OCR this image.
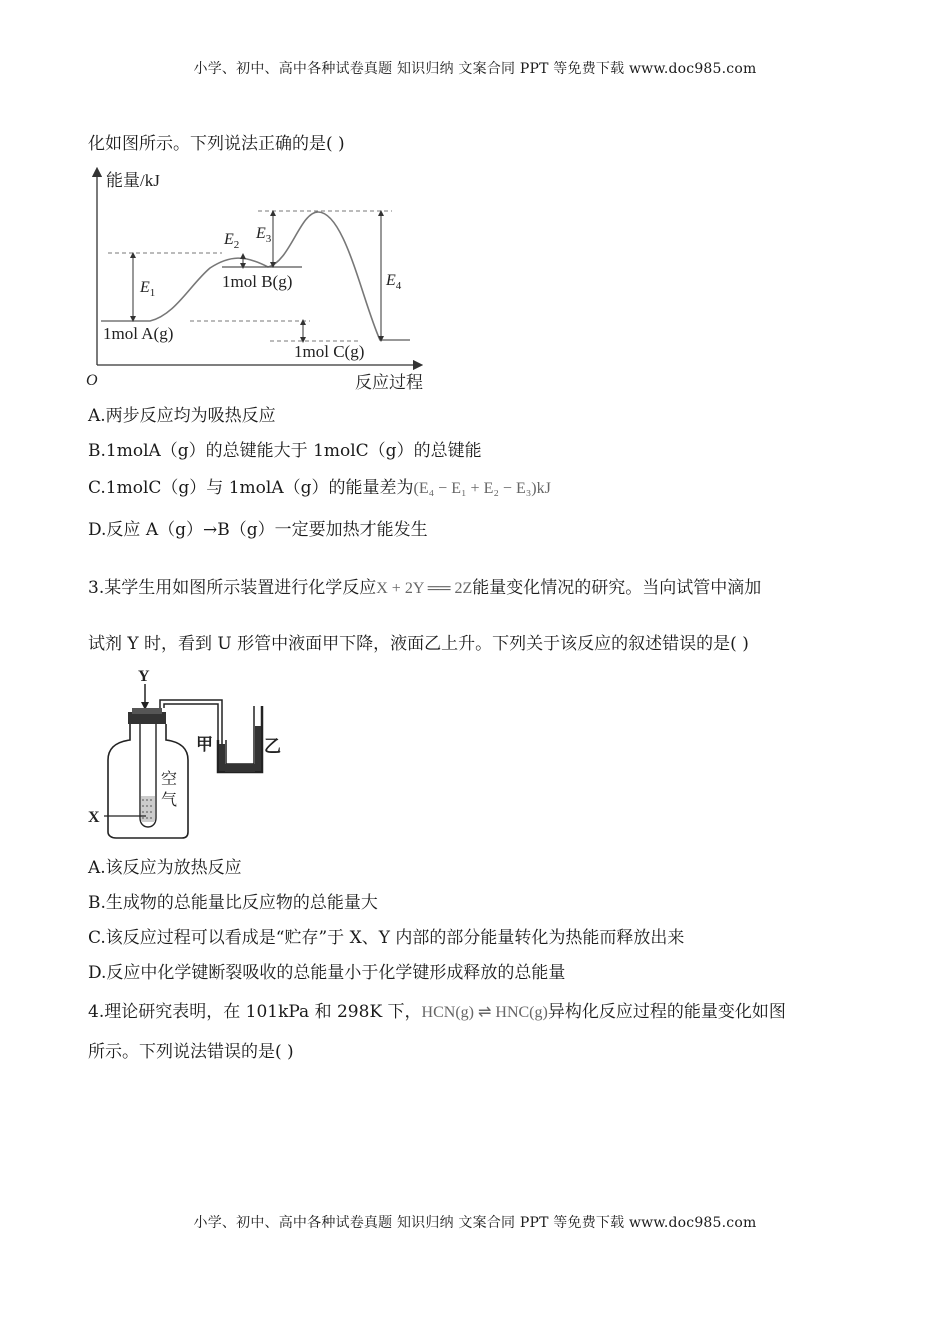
小学、初中、高中各种试卷真题 知识归纳 文案合同 PPT 等免费下载 www.doc985.com
化如图所示。下列说法正确的是( )
能量/kJ
反应过程
O
$E_1$
$E_2$
$E_3$
$E_4$
1mol A(g)
1mol B(g)
1mol C(g)
A.两步反应均为吸热反应
B.1molA（g）的总键能大于 1molC（g）的总键能
C.1molC（g）与 1molA（g）的能量差为(E₄ − E₁ + E₂ − E₃)kJ
D.反应 A（g）→B（g）一定要加热才能发生
3.某学生用如图所示装置进行化学反应X + 2Y ══ 2Z能量变化情况的研究。当向试管中滴加
试剂 Y 时，看到 U 形管中液面甲下降，液面乙上升。下列关于该反应的叙述错误的是( )
Y
X
空
气
甲	乙
A.该反应为放热反应
B.生成物的总能量比反应物的总能量大
C.该反应过程可以看成是“贮存”于 X、Y 内部的部分能量转化为热能而释放出来
D.反应中化学键断裂吸收的总能量小于化学键形成释放的总能量
4.理论研究表明，在 101kPa 和 298K 下，HCN(g) ⇌ HNC(g)异构化反应过程的能量变化如图
所示。下列说法错误的是( )
小学、初中、高中各种试卷真题 知识归纳 文案合同 PPT 等免费下载 www.doc985.com
